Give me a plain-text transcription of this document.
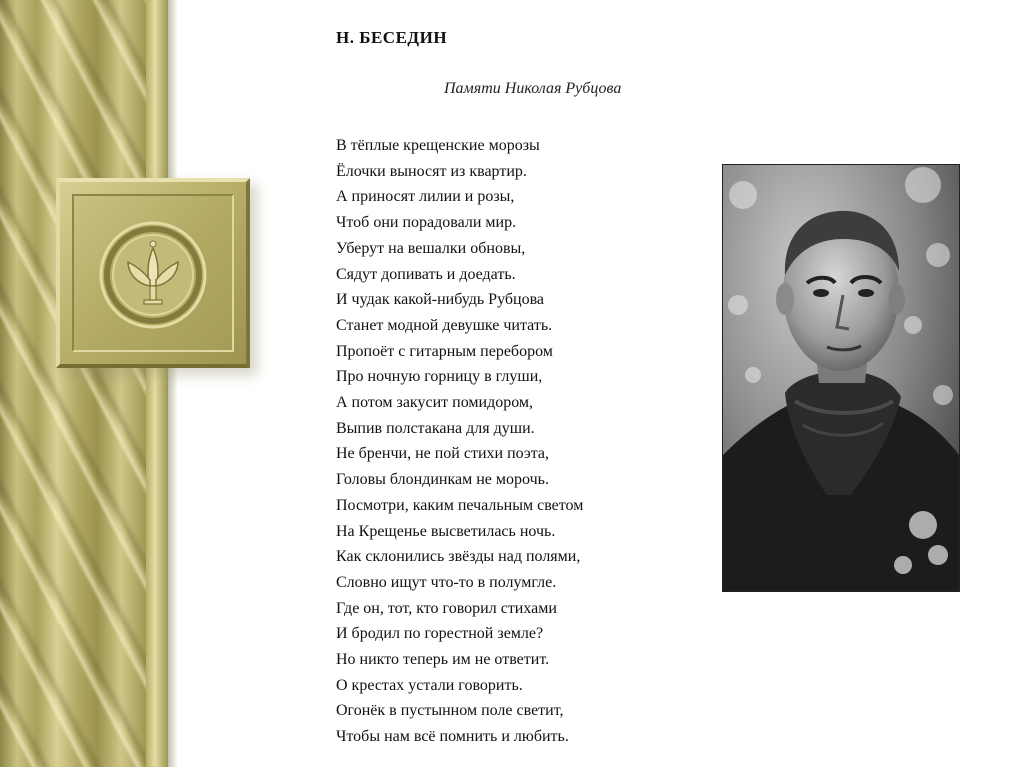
Н. БЕСЕДИН
Памяти Николая Рубцова
В тёплые крещенские морозы
Ёлочки выносят из квартир.
А приносят лилии и розы,
Чтоб они порадовали мир.
Уберут на вешалки обновы,
Сядут допивать и доедать.
И чудак какой-нибудь Рубцова
Станет модной девушке читать.
Пропоёт с гитарным перебором
Про ночную горницу в глуши,
А потом закусит помидором,
Выпив полстакана для души.
Не бренчи, не пой стихи поэта,
Головы блондинкам не морочь.
Посмотри, каким печальным светом
На Крещенье высветилась ночь.
Как склонились звёзды над полями,
Словно ищут что-то в полумгле.
Где он, тот, кто говорил стихами
И бродил по горестной земле?
Но никто теперь им не ответит.
О крестах устали говорить.
Огонёк в пустынном поле светит,
Чтобы нам всё помнить и любить.
